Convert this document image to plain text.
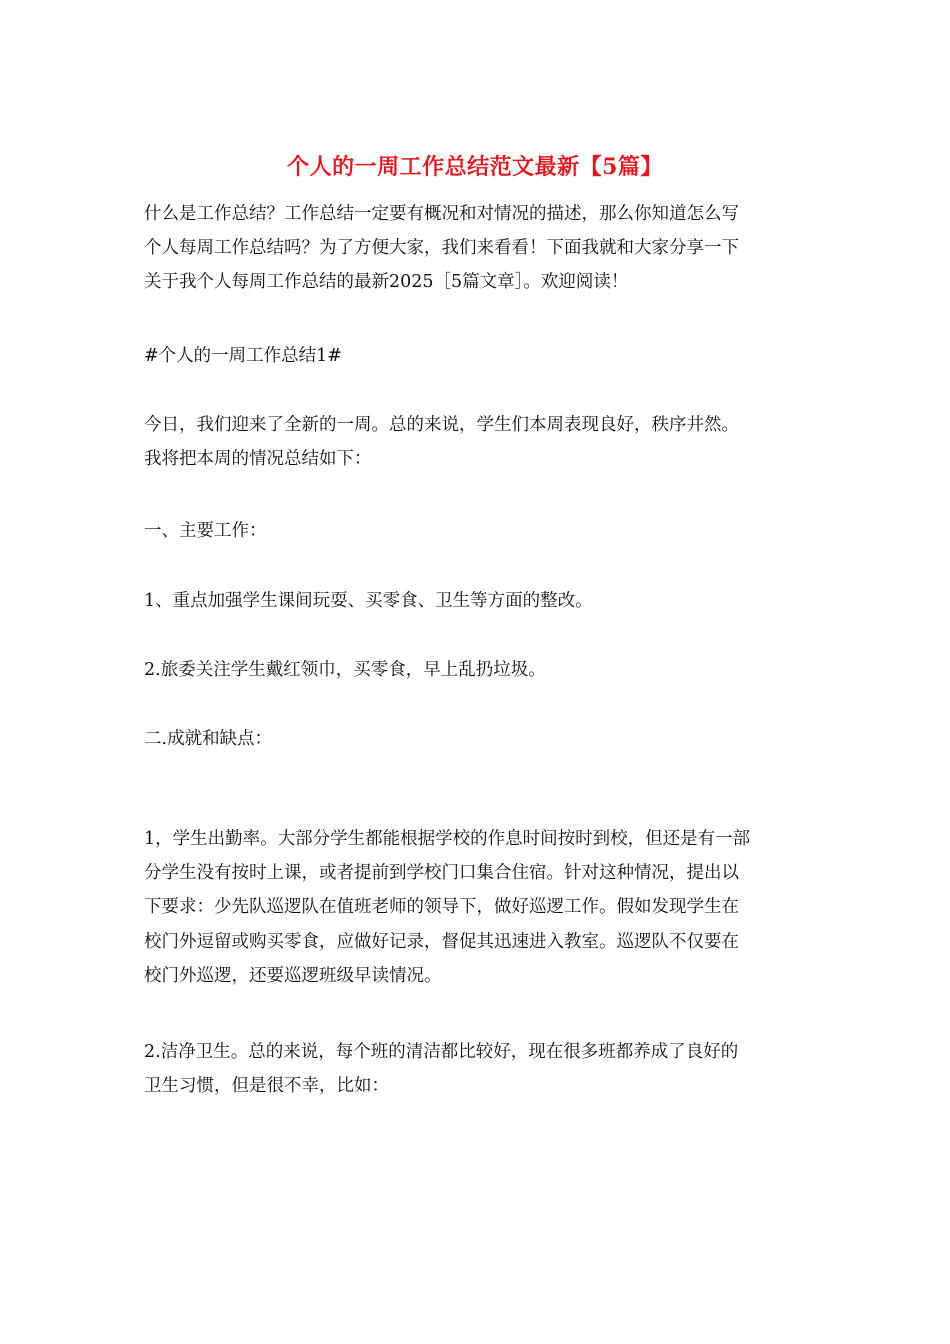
个人的一周工作总结范文最新【5篇】
什么是工作总结？工作总结一定要有概况和对情况的描述，那么你知道怎么写
个人每周工作总结吗？为了方便大家，我们来看看！下面我就和大家分享一下
关于我个人每周工作总结的最新2025［5篇文章］。欢迎阅读！
#个人的一周工作总结1#
今日，我们迎来了全新的一周。总的来说，学生们本周表现良好，秩序井然。
我将把本周的情况总结如下：
一、主要工作：
1、重点加强学生课间玩耍、买零食、卫生等方面的整改。
2.旅委关注学生戴红领巾，买零食，早上乱扔垃圾。
二.成就和缺点：
1，学生出勤率。大部分学生都能根据学校的作息时间按时到校，但还是有一部
分学生没有按时上课，或者提前到学校门口集合住宿。针对这种情况，提出以
下要求：少先队巡逻队在值班老师的领导下，做好巡逻工作。假如发现学生在
校门外逗留或购买零食，应做好记录，督促其迅速进入教室。巡逻队不仅要在
校门外巡逻，还要巡逻班级早读情况。
2.洁净卫生。总的来说，每个班的清洁都比较好，现在很多班都养成了良好的
卫生习惯，但是很不幸，比如：
